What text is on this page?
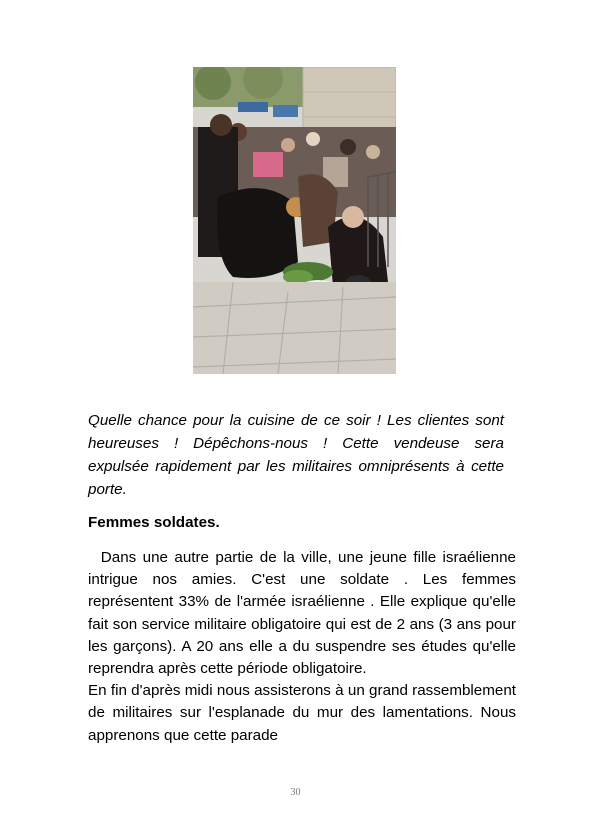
Quelle chance pour la cuisine de ce soir ! Les clientes sont heureuses ! Dépêchons-nous ! Cette vendeuse sera expulsée rapidement par les militaires omniprésents à cette porte.

Femmes soldates.

Dans une autre partie de la ville, une jeune fille israélienne intrigue nos amies. C'est une soldate . Les femmes représentent 33% de l'armée israélienne . Elle explique qu'elle fait son service militaire obligatoire qui est de 2 ans (3 ans pour les garçons). A 20 ans elle a du suspendre ses études qu'elle reprendra après cette période obligatoire.

En fin d'après midi nous assisterons à un grand rassemblement de militaires sur l'esplanade du mur des lamentations. Nous apprenons que cette parade

30
